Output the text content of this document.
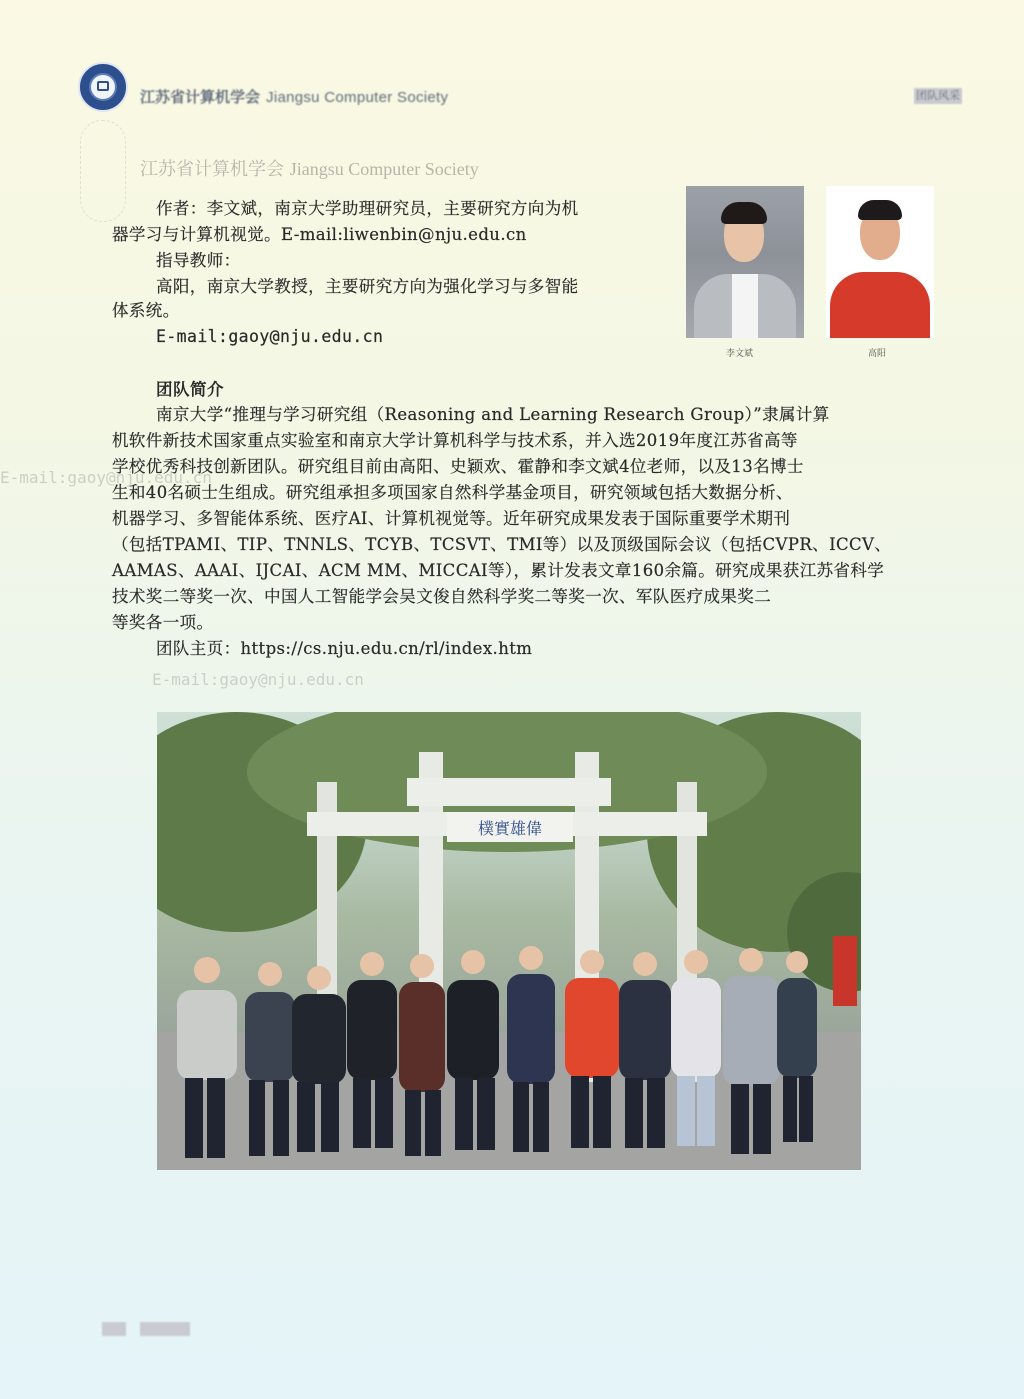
江苏省计算机学会 Jiangsu Computer Society	团队风采
江苏省计算机学会 Jiangsu Computer Society
E-mail:gaoy@nju.edu.cn
E-mail:gaoy@nju.edu.cn
作者：李文斌，南京大学助理研究员，主要研究方向为机
器学习与计算机视觉。E-mail:liwenbin@nju.edu.cn
指导教师：
高阳，南京大学教授，主要研究方向为强化学习与多智能
体系统。
E-mail:gaoy@nju.edu.cn
李文斌	高阳
团队简介
南京大学“推理与学习研究组（Reasoning and Learning Research Group）”隶属计算
机软件新技术国家重点实验室和南京大学计算机科学与技术系，并入选2019年度江苏省高等
学校优秀科技创新团队。研究组目前由高阳、史颖欢、霍静和李文斌4位老师，以及13名博士
生和40名硕士生组成。研究组承担多项国家自然科学基金项目，研究领域包括大数据分析、
机器学习、多智能体系统、医疗AI、计算机视觉等。近年研究成果发表于国际重要学术期刊
（包括TPAMI、TIP、TNNLS、TCYB、TCSVT、TMI等）以及顶级国际会议（包括CVPR、ICCV、
AAMAS、AAAI、IJCAI、ACM MM、MICCAI等），累计发表文章160余篇。研究成果获江苏省科学
技术奖二等奖一次、中国人工智能学会吴文俊自然科学奖二等奖一次、军队医疗成果奖二
等奖各一项。
团队主页：https://cs.nju.edu.cn/rl/index.htm
樸實雄偉
